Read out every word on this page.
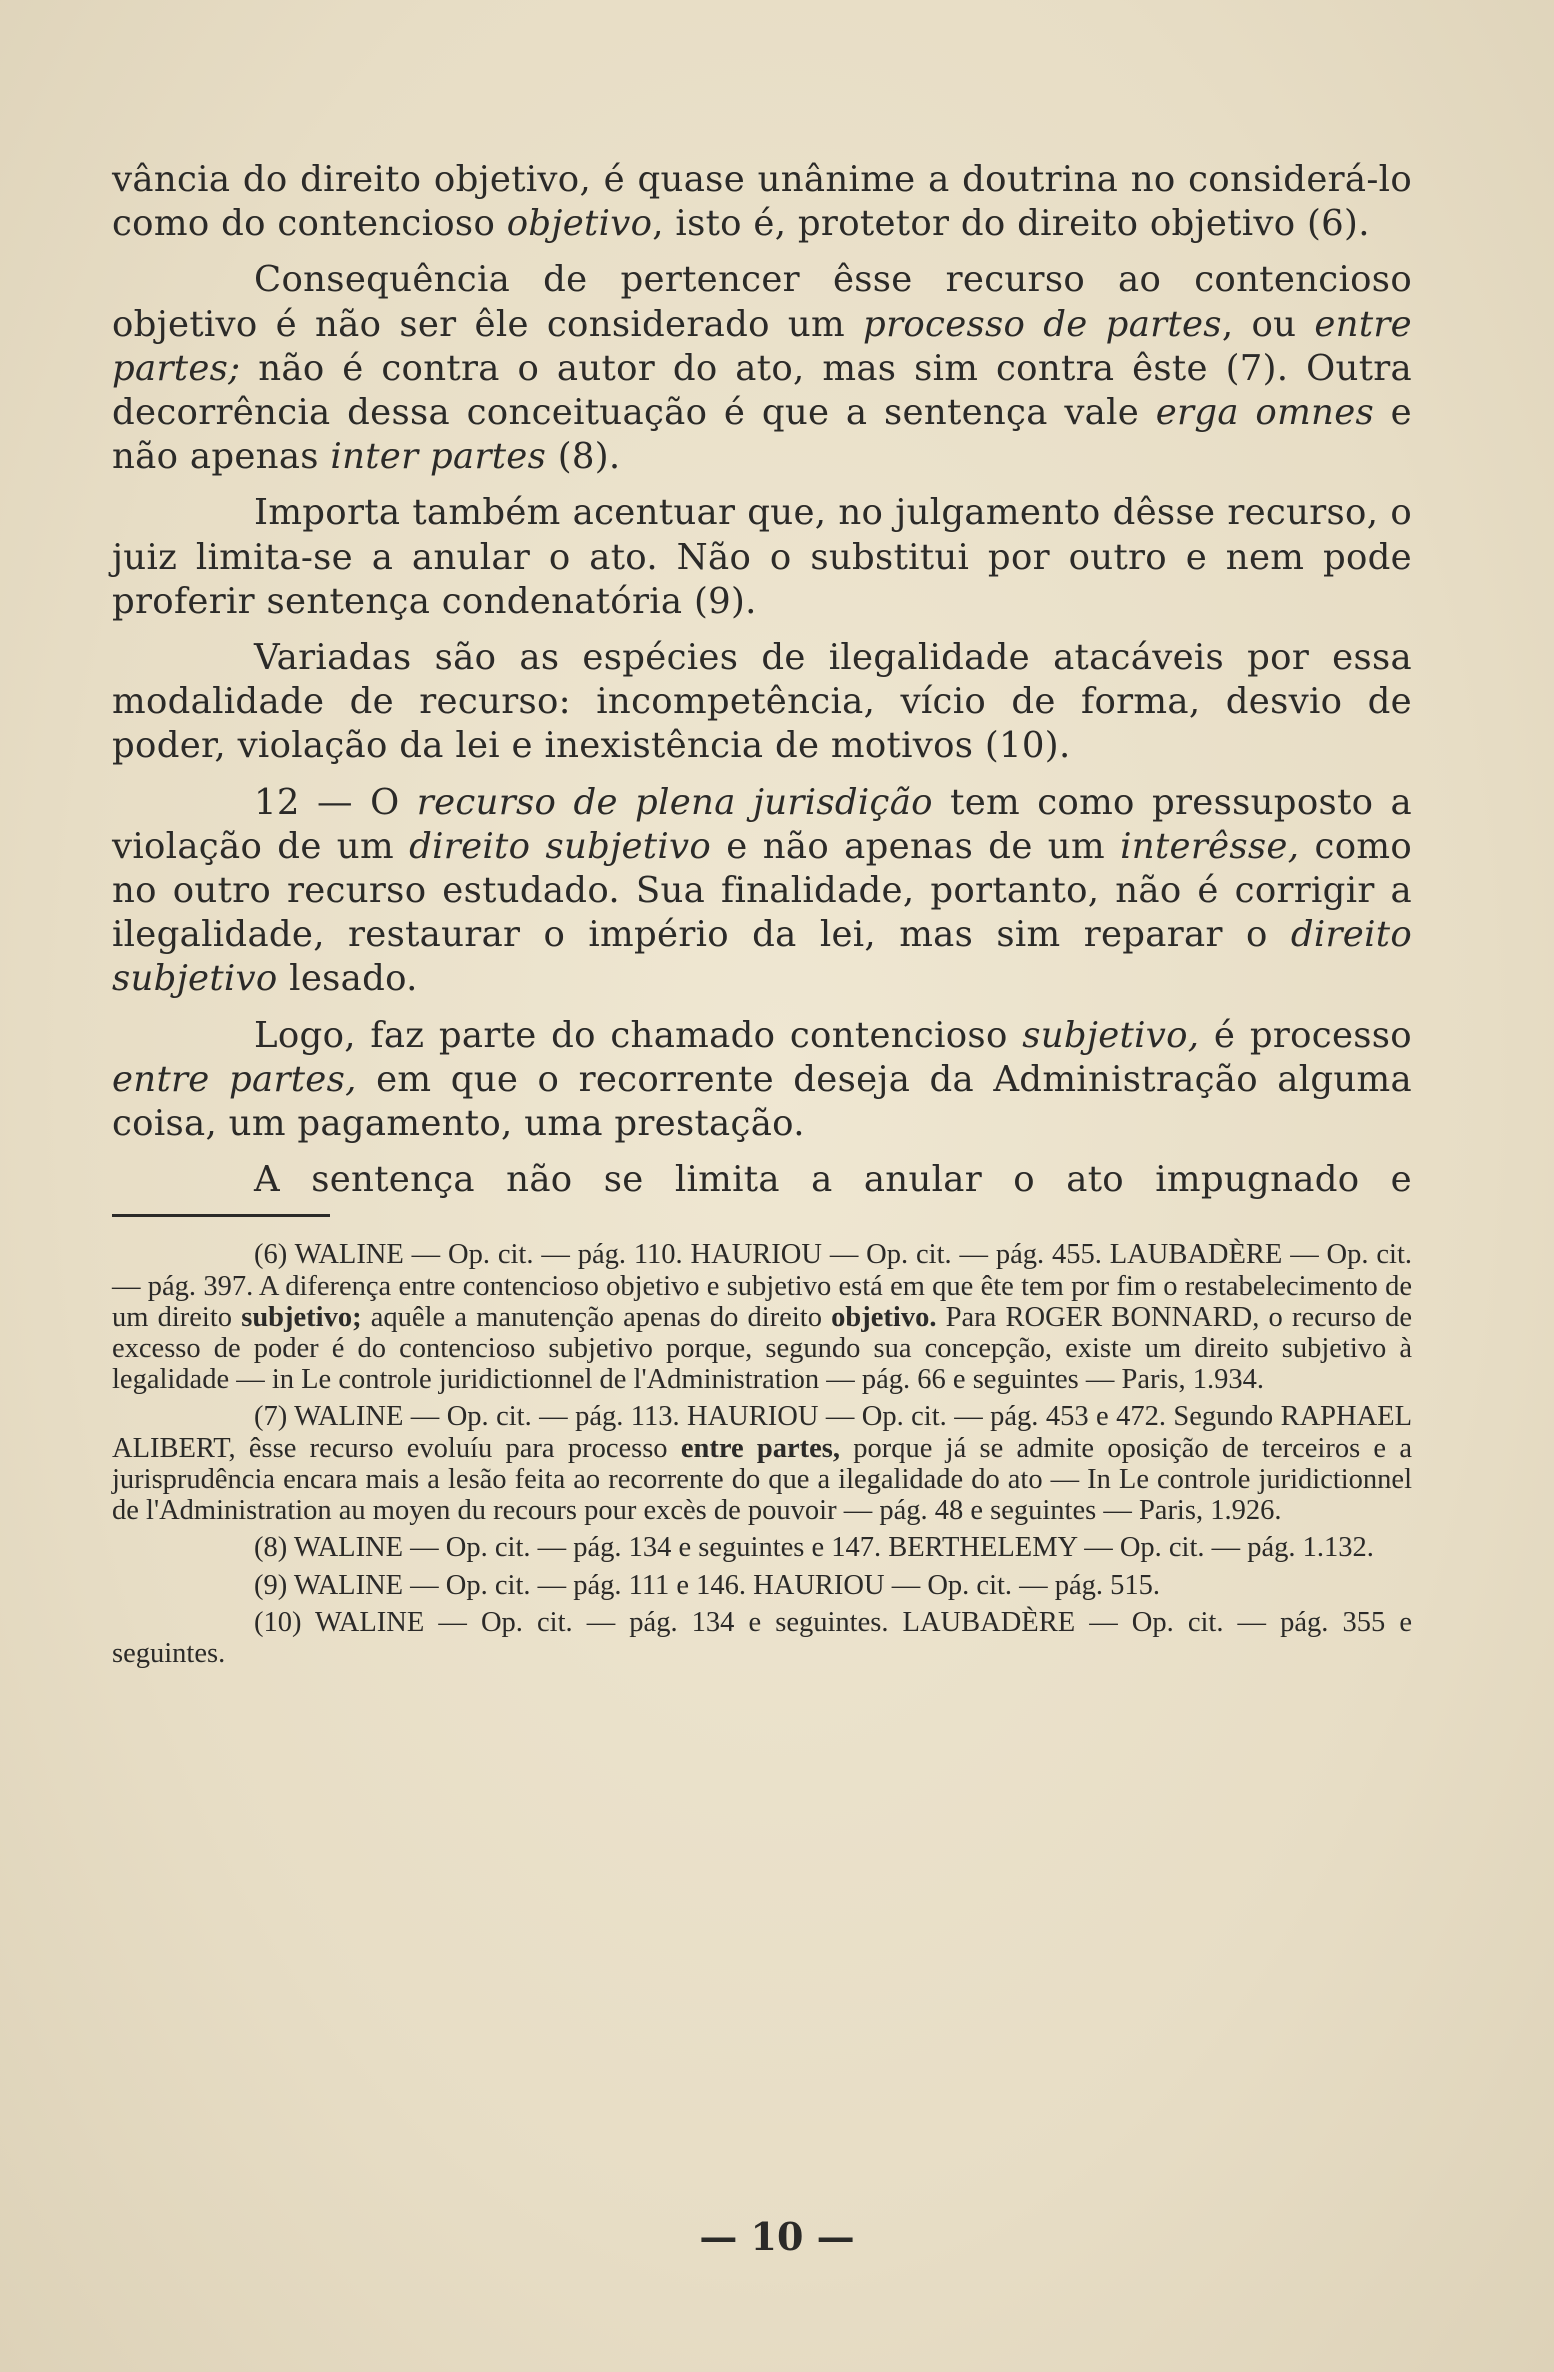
vância do direito objetivo, é quase unânime a doutrina no considerá-lo como do contencioso objetivo, isto é, protetor do direito objetivo (6).

Consequência de pertencer êsse recurso ao contencioso objetivo é não ser êle considerado um processo de partes, ou entre partes; não é contra o autor do ato, mas sim contra êste (7). Outra decorrência dessa conceituação é que a sentença vale erga omnes e não apenas inter partes (8).

Importa também acentuar que, no julgamento dêsse recurso, o juiz limita-se a anular o ato. Não o substitui por outro e nem pode proferir sentença condenatória (9).

Variadas são as espécies de ilegalidade atacáveis por essa modalidade de recurso: incompetência, vício de forma, desvio de poder, violação da lei e inexistência de motivos (10).

12 — O recurso de plena jurisdição tem como pressuposto a violação de um direito subjetivo e não apenas de um interêsse, como no outro recurso estudado. Sua finalidade, portanto, não é corrigir a ilegalidade, restaurar o império da lei, mas sim reparar o direito subjetivo lesado.

Logo, faz parte do chamado contencioso subjetivo, é processo entre partes, em que o recorrente deseja da Administração alguma coisa, um pagamento, uma prestação.

A sentença não se limita a anular o ato impugnado e

(6) WALINE — Op. cit. — pág. 110. HAURIOU — Op. cit. — pág. 455. LAUBADÈRE — Op. cit. — pág. 397. A diferença entre contencioso objetivo e subjetivo está em que ête tem por fim o restabelecimento de um direito subjetivo; aquêle a manutenção apenas do direito objetivo. Para ROGER BONNARD, o recurso de excesso de poder é do contencioso subjetivo porque, segundo sua concepção, existe um direito subjetivo à legalidade — in Le controle juridictionnel de l'Administration — pág. 66 e seguintes — Paris, 1.934.

(7) WALINE — Op. cit. — pág. 113. HAURIOU — Op. cit. — pág. 453 e 472. Segundo RAPHAEL ALIBERT, êsse recurso evoluíu para processo entre partes, porque já se admite oposição de terceiros e a jurisprudência encara mais a lesão feita ao recorrente do que a ilegalidade do ato — In Le controle juridictionnel de l'Administration au moyen du recours pour excès de pouvoir — pág. 48 e seguintes — Paris, 1.926.

(8) WALINE — Op. cit. — pág. 134 e seguintes e 147. BERTHELEMY — Op. cit. — pág. 1.132.

(9) WALINE — Op. cit. — pág. 111 e 146. HAURIOU — Op. cit. — pág. 515.

(10) WALINE — Op. cit. — pág. 134 e seguintes. LAUBADÈRE — Op. cit. — pág. 355 e seguintes.

— 10 —
